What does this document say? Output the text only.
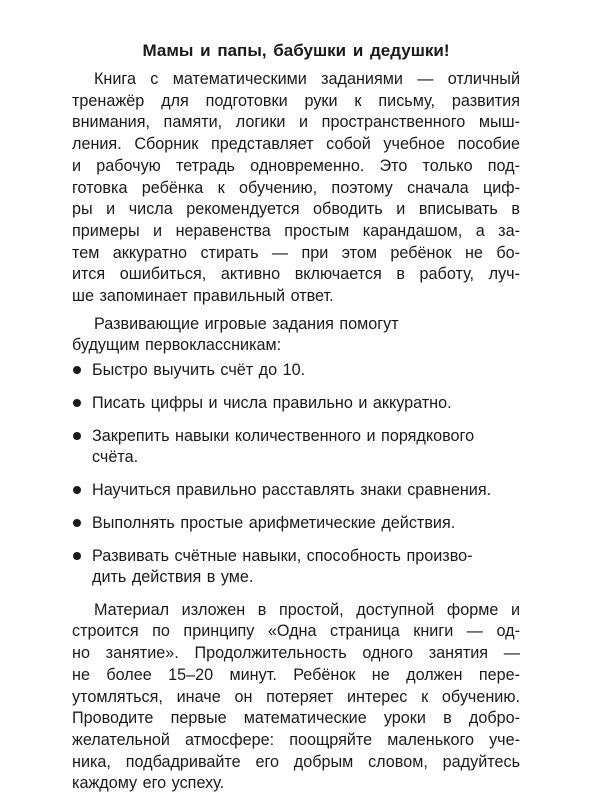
Мамы и папы, бабушки и дедушки!

Книга с математическими заданиями — отличный
тренажёр для подготовки руки к письму, развития
внимания, памяти, логики и пространственного мыш-
ления. Сборник представляет собой учебное пособие
и рабочую тетрадь одновременно. Это только под-
готовка ребёнка к обучению, поэтому сначала циф-
ры и числа рекомендуется обводить и вписывать в
примеры и неравенства простым карандашом, а за-
тем аккуратно стирать — при этом ребёнок не бо-
ится ошибиться, активно включается в работу, луч-
ше запоминает правильный ответ.

Развивающие игровые задания помогут
будущим первоклассникам:
Быстро выучить счёт до 10.
Писать цифры и числа правильно и аккуратно.
Закрепить навыки количественного и порядкового
счёта.
Научиться правильно расставлять знаки сравнения.
Выполнять простые арифметические действия.
Развивать счётные навыки, способность произво-
дить действия в уме.

Материал изложен в простой, доступной форме и
строится по принципу «Одна страница книги — од-
но занятие». Продолжительность одного занятия —
не более 15–20 минут. Ребёнок не должен пере-
утомляться, иначе он потеряет интерес к обучению.
Проводите первые математические уроки в добро-
желательной атмосфере: поощряйте маленького уче-
ника, подбадривайте его добрым словом, радуйтесь
каждому его успеху.
